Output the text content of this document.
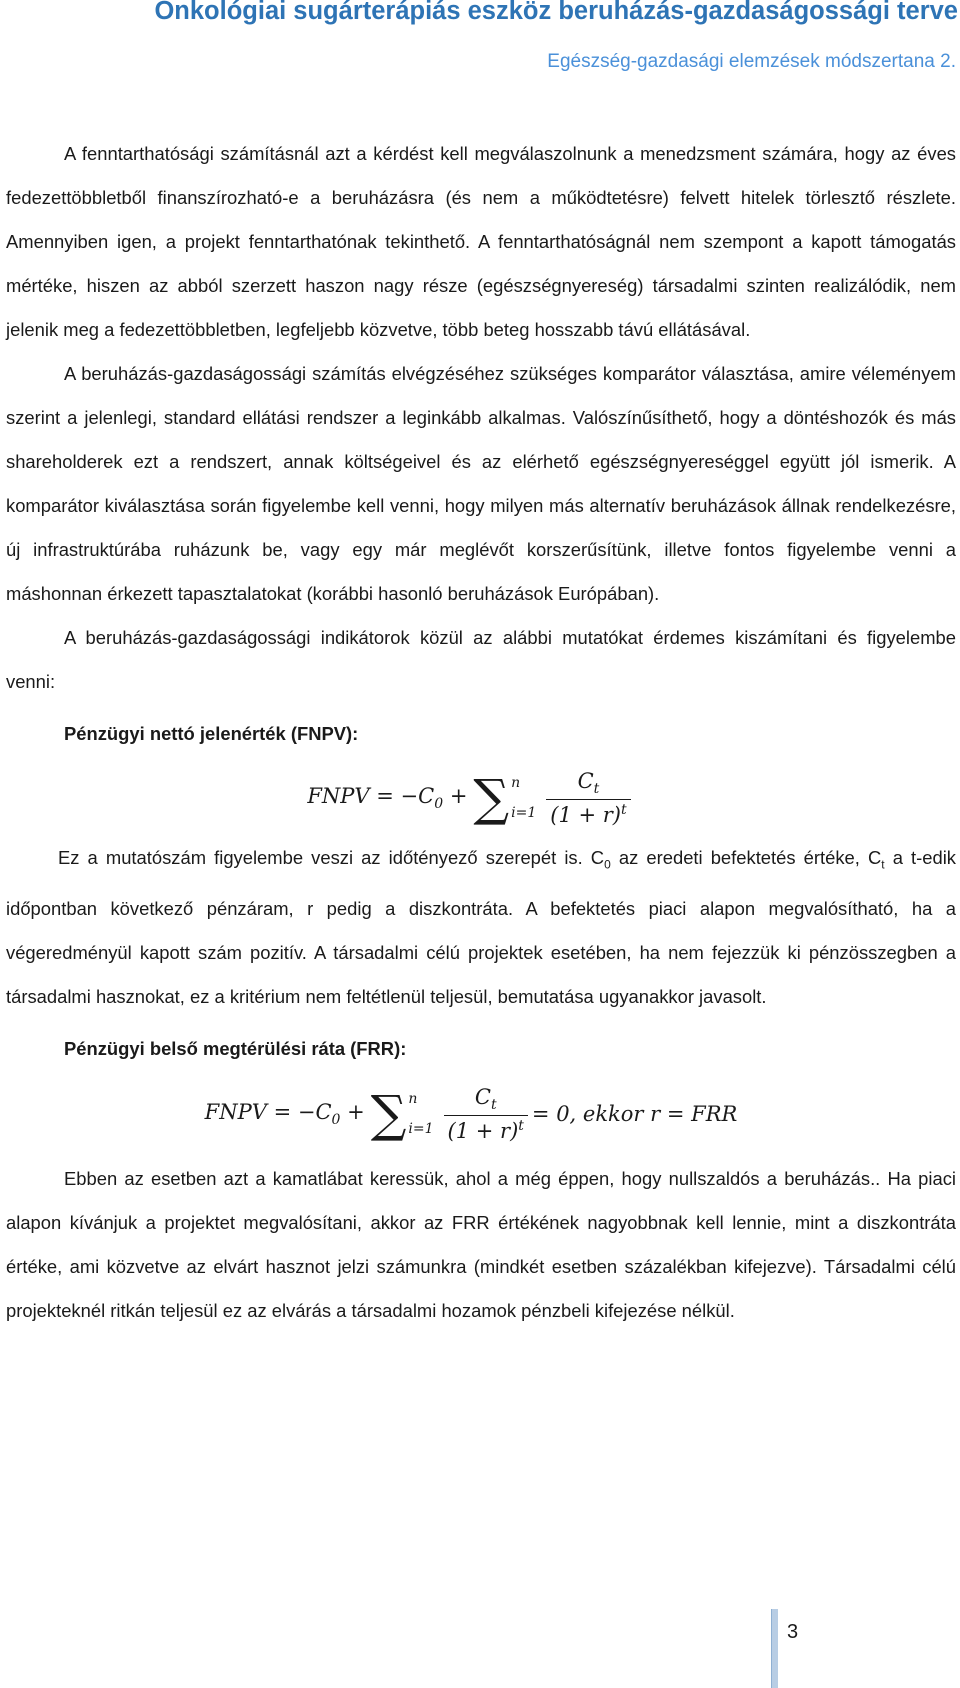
Onkológiai sugárterápiás eszköz beruházás-gazdaságossági terve
Egészség-gazdasági elemzések módszertana 2.

A fenntarthatósági számításnál azt a kérdést kell megválaszolnunk a menedzsment számára, hogy az éves fedezettöbbletből finanszírozható-e a beruházásra (és nem a működtetésre) felvett hitelek törlesztő részlete. Amennyiben igen, a projekt fenntarthatónak tekinthető. A fenntarthatóságnál nem szempont a kapott támogatás mértéke, hiszen az abból szerzett haszon nagy része (egészségnyereség) társadalmi szinten realizálódik, nem jelenik meg a fedezettöbbletben, legfeljebb közvetve, több beteg hosszabb távú ellátásával.

A beruházás-gazdaságossági számítás elvégzéséhez szükséges komparátor választása, amire véleményem szerint a jelenlegi, standard ellátási rendszer a leginkább alkalmas. Valószínűsíthető, hogy a döntéshozók és más shareholderek ezt a rendszert, annak költségeivel és az elérhető egészségnyereséggel együtt jól ismerik. A komparátor kiválasztása során figyelembe kell venni, hogy milyen más alternatív beruházások állnak rendelkezésre, új infrastruktúrába ruházunk be, vagy egy már meglévőt korszerűsítünk, illetve fontos figyelembe venni a máshonnan érkezett tapasztalatokat (korábbi hasonló beruházások Európában).

A beruházás-gazdaságossági indikátorok közül az alábbi mutatókat érdemes kiszámítani és figyelembe venni:

Pénzügyi nettó jelenérték (FNPV):

FNPV = $-C_0$ + ∑ n
$i=1 \frac{C_t}{(1 + r)^t}$

Ez a mutatószám figyelembe veszi az időtényező szerepét is. $C_0$ az eredeti befektetés értéke, $C_t$ a t-edik időpontban következő pénzáram, r pedig a diszkontráta. A befektetés piaci alapon megvalósítható, ha a végeredményül kapott szám pozitív. A társadalmi célú projektek esetében, ha nem fejezzük ki pénzösszegben a társadalmi hasznokat, ez a kritérium nem feltétlenül teljesül, bemutatása ugyanakkor javasolt.

Pénzügyi belső megtérülési ráta (FRR):

FNPV = $-C_0$ + ∑ n
$i=1 \frac{C_t}{(1 + r)^t} = 0$, ekkor r = FRR

Ebben az esetben azt a kamatlábat keressük, ahol a még éppen, hogy nullszaldós a beruházás.. Ha piaci alapon kívánjuk a projektet megvalósítani, akkor az FRR értékének nagyobbnak kell lennie, mint a diszkontráta értéke, ami közvetve az elvárt hasznot jelzi számunkra (mindkét esetben százalékban kifejezve). Társadalmi célú projekteknél ritkán teljesül ez az elvárás a társadalmi hozamok pénzbeli kifejezése nélkül.

3
